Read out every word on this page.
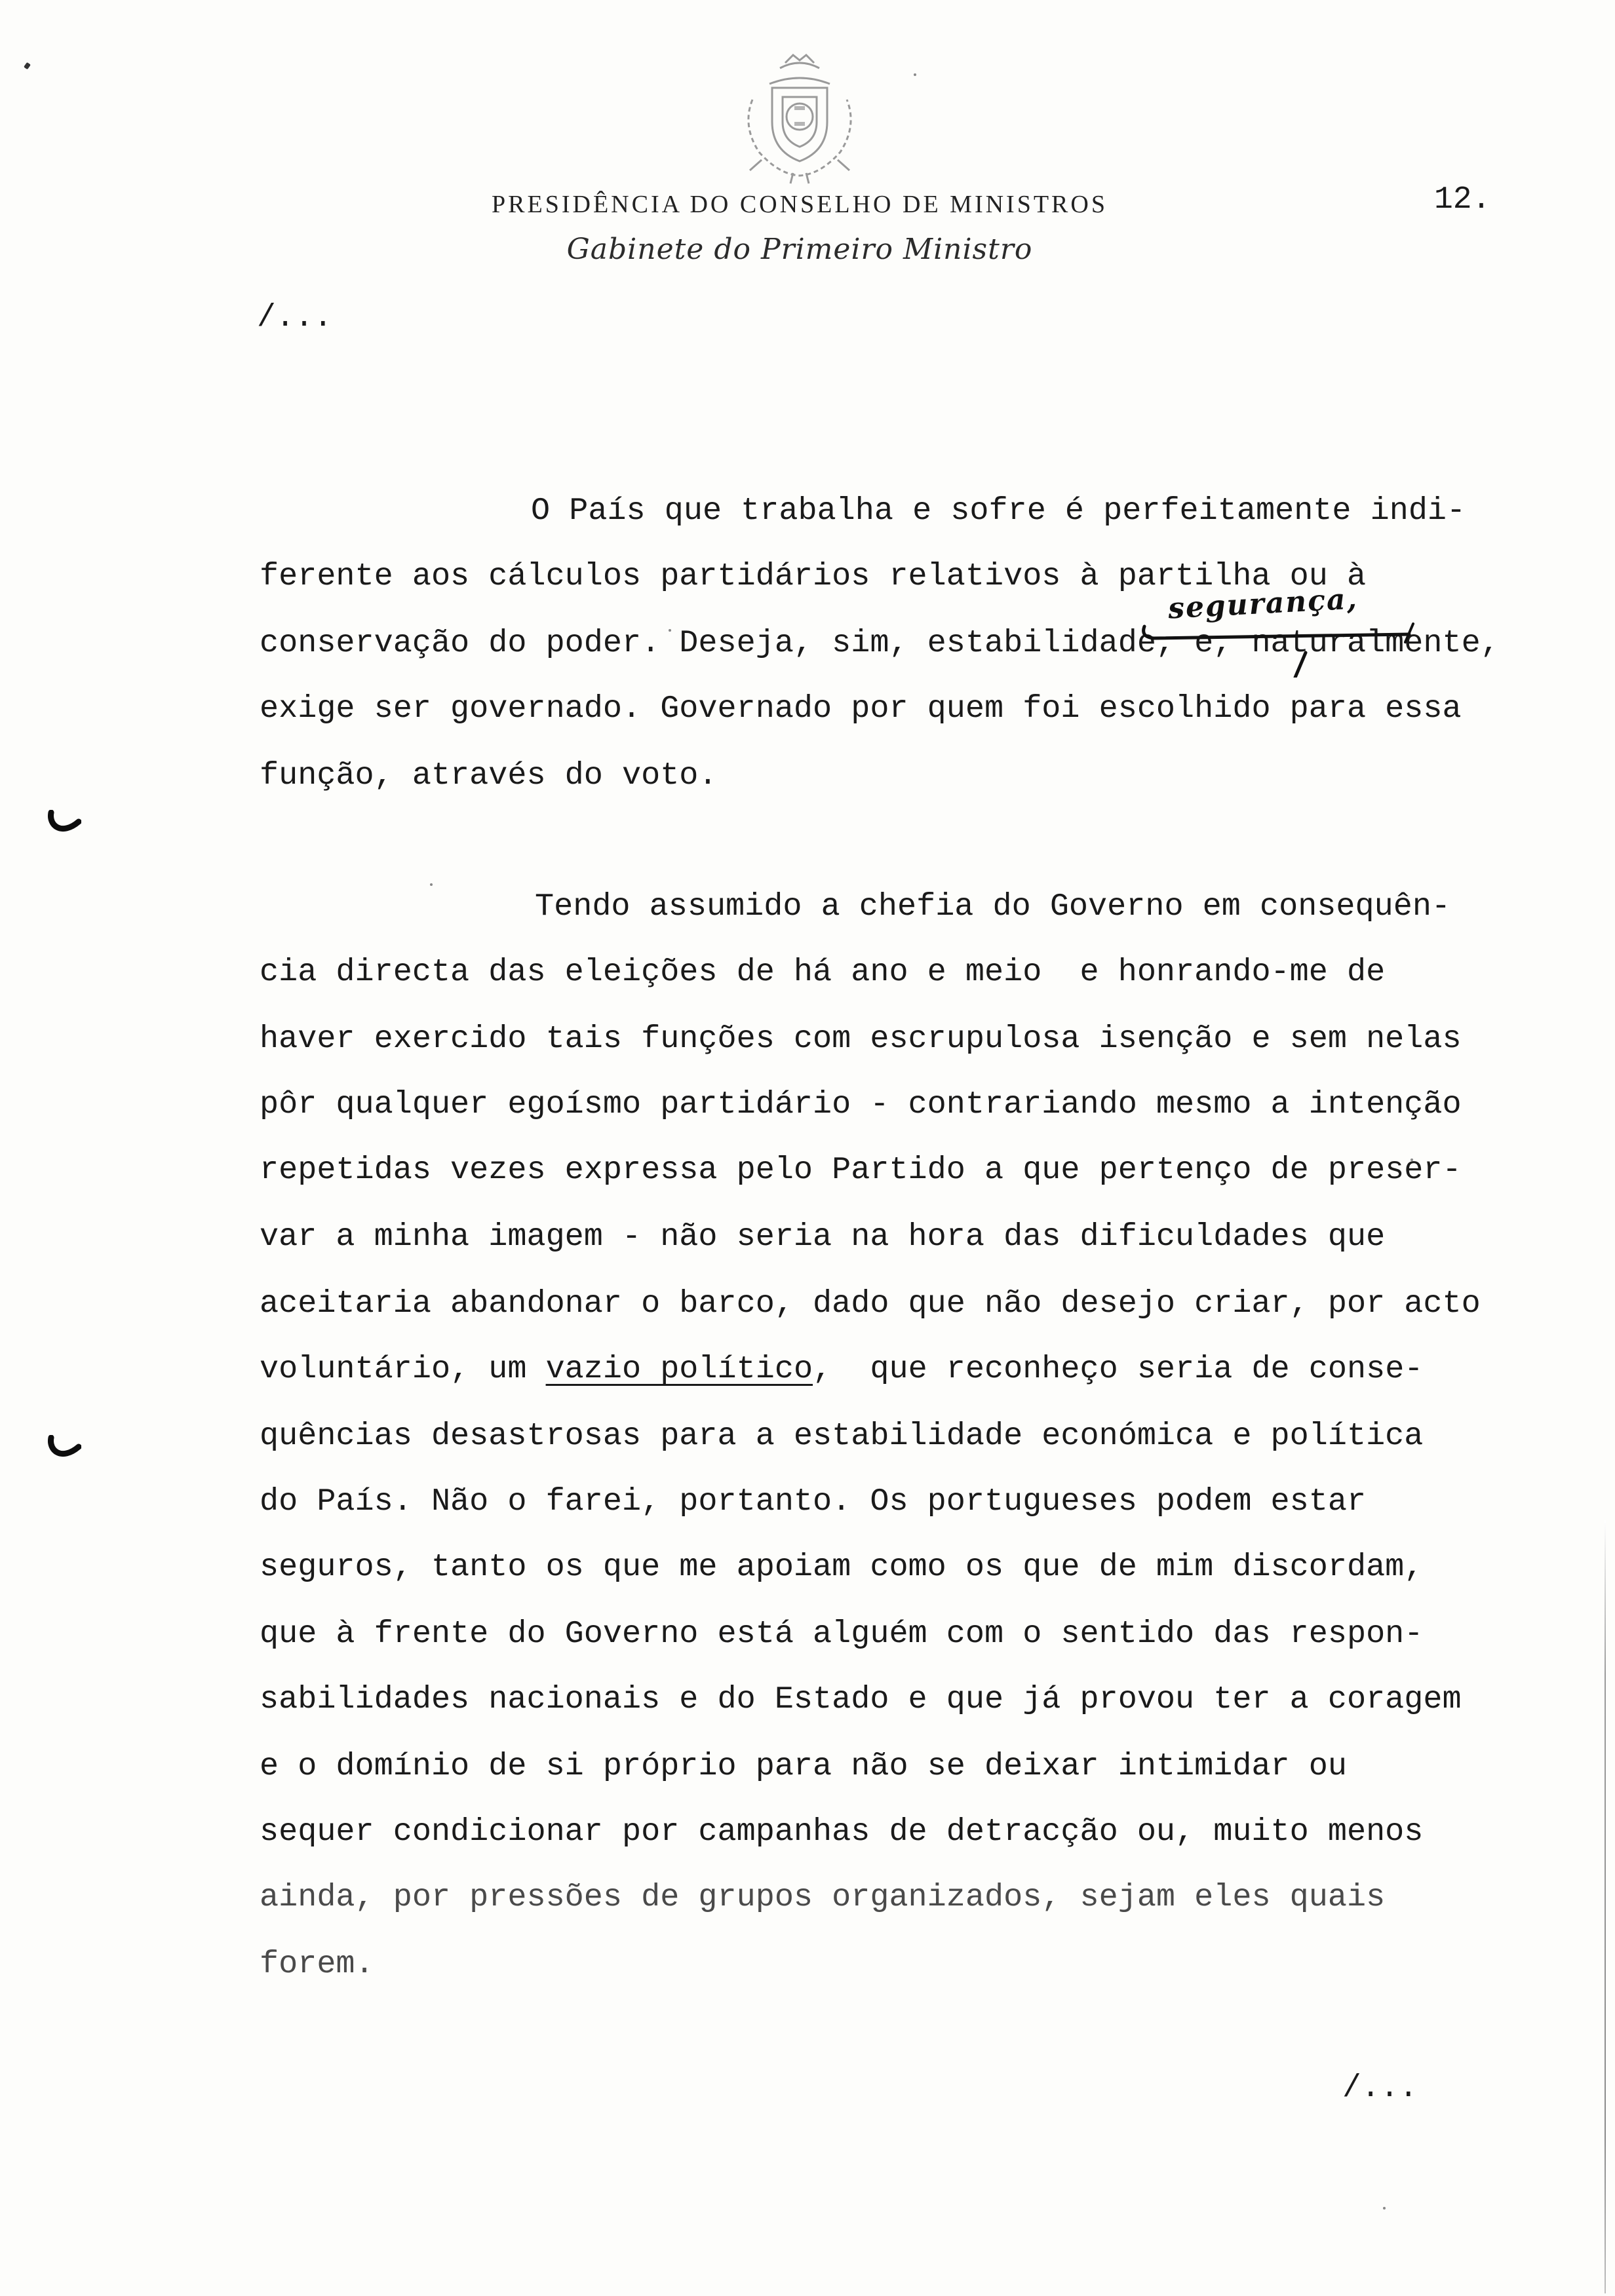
PRESIDÊNCIA DO CONSELHO DE MINISTROS
Gabinete do Primeiro Ministro
12.
/...
O País que trabalha e sofre é perfeitamente indi-
ferente aos cálculos partidários relativos à partilha ou à
conservação do poder. Deseja, sim, estabilidade, e, naturalmente,
exige ser governado. Governado por quem foi escolhido para essa
função, através do voto.
segurança,
Tendo assumido a chefia do Governo em consequên-
cia directa das eleições de há ano e meio  e honrando-me de
haver exercido tais funções com escrupulosa isenção e sem nelas
pôr qualquer egoísmo partidário - contrariando mesmo a intenção
repetidas vezes expressa pelo Partido a que pertenço de preser-
var a minha imagem - não seria na hora das dificuldades que
aceitaria abandonar o barco, dado que não desejo criar, por acto
voluntário, um vazio político,  que reconheço seria de conse-
quências desastrosas para a estabilidade económica e política
do País. Não o farei, portanto. Os portugueses podem estar
seguros, tanto os que me apoiam como os que de mim discordam,
que à frente do Governo está alguém com o sentido das respon-
sabilidades nacionais e do Estado e que já provou ter a coragem
e o domínio de si próprio para não se deixar intimidar ou
sequer condicionar por campanhas de detracção ou, muito menos
ainda, por pressões de grupos organizados, sejam eles quais
forem.
/...
